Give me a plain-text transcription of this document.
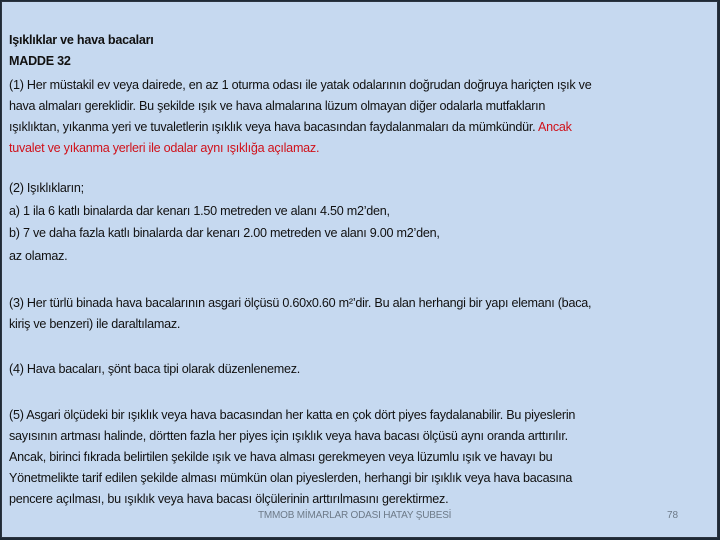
Işıklıklar ve hava bacaları
MADDE 32
(1) Her müstakil ev veya dairede, en az 1 oturma odası ile yatak odalarının doğrudan doğruya hariçten ışık ve
hava almaları gereklidir. Bu şekilde ışık ve hava almalarına lüzum olmayan diğer odalarla mutfakların
ışıklıktan, yıkanma yeri ve tuvaletlerin ışıklık veya hava bacasından faydalanmaları da mümkündür. Ancak
tuvalet ve yıkanma yerleri ile odalar aynı ışıklığa açılamaz.
(2) Işıklıkların;
a) 1 ila 6 katlı binalarda dar kenarı 1.50 metreden ve alanı 4.50 m2’den,
b) 7 ve daha fazla katlı binalarda dar kenarı 2.00 metreden ve alanı 9.00 m2’den,
az olamaz.
(3) Her türlü binada hava bacalarının asgari ölçüsü 0.60x0.60 m²’dir. Bu alan herhangi bir yapı elemanı (baca,
kiriş ve benzeri) ile daraltılamaz.
(4) Hava bacaları, şönt baca tipi olarak düzenlenemez.
(5) Asgari ölçüdeki bir ışıklık veya hava bacasından her katta en çok dört piyes faydalanabilir. Bu piyeslerin
sayısının artması halinde, dörtten fazla her piyes için ışıklık veya hava bacası ölçüsü aynı oranda arttırılır.
Ancak, birinci fıkrada belirtilen şekilde ışık ve hava alması gerekmeyen veya lüzumlu ışık ve havayı bu
Yönetmelikte tarif edilen şekilde alması mümkün olan piyeslerden, herhangi bir ışıklık veya hava bacasına
pencere açılması, bu ışıklık veya hava bacası ölçülerinin arttırılmasını gerektirmez.
TMMOB MİMARLAR ODASI HATAY ŞUBESİ	78
